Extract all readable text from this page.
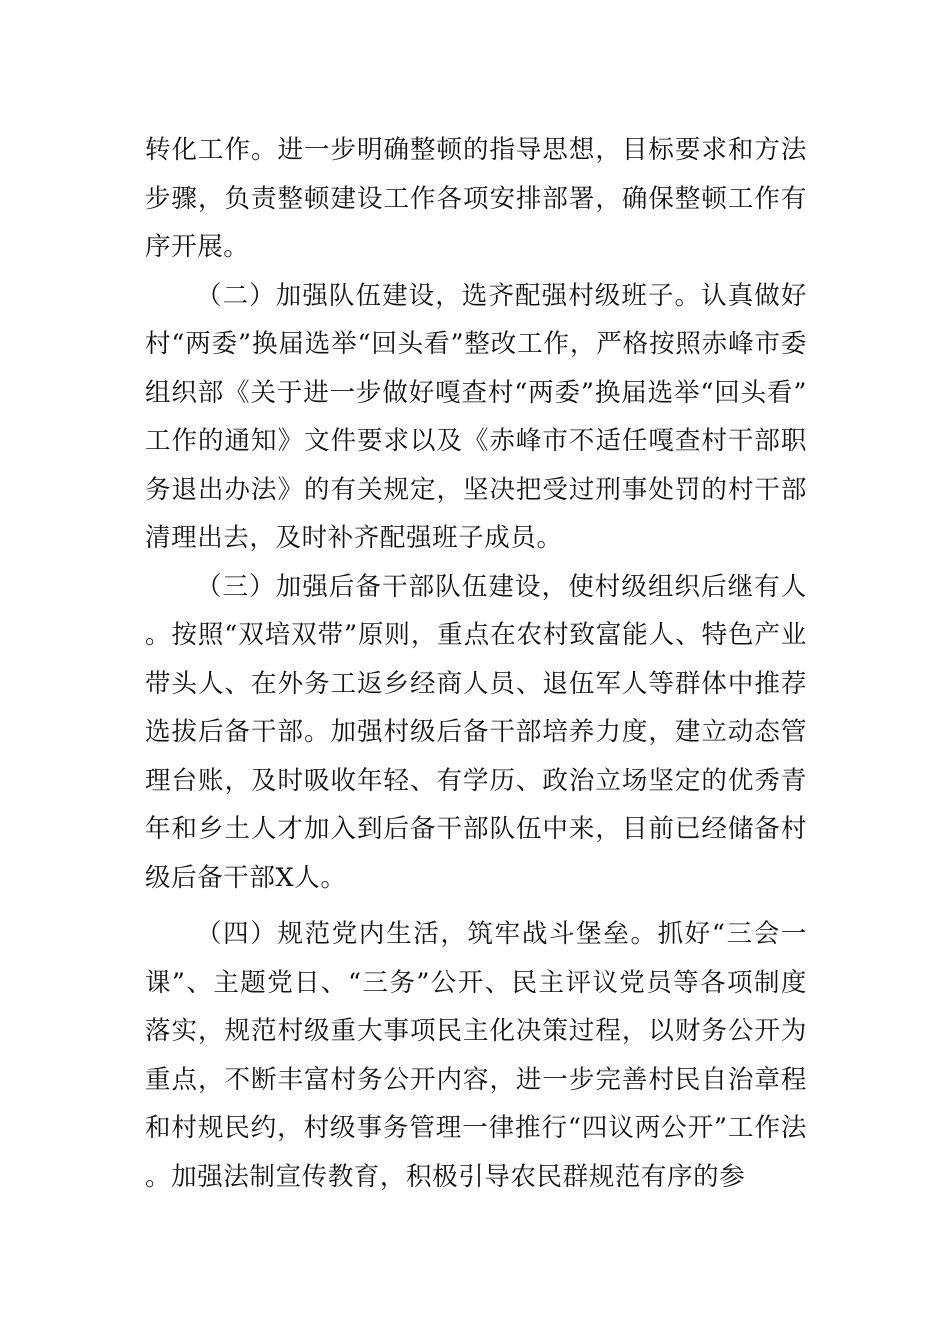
转化工作。进一步明确整顿的指导思想，目标要求和方法步骤，负责整顿建设工作各项安排部署，确保整顿工作有序开展。

（二）加强队伍建设，选齐配强村级班子。认真做好村“两委”换届选举“回头看”整改工作，严格按照赤峰市委组织部《关于进一步做好嘎查村“两委”换届选举“回头看”工作的通知》文件要求以及《赤峰市不适任嘎查村干部职务退出办法》的有关规定，坚决把受过刑事处罚的村干部清理出去，及时补齐配强班子成员。

（三）加强后备干部队伍建设，使村级组织后继有人。按照“双培双带”原则，重点在农村致富能人、特色产业带头人、在外务工返乡经商人员、退伍军人等群体中推荐选拔后备干部。加强村级后备干部培养力度，建立动态管理台账，及时吸收年轻、有学历、政治立场坚定的优秀青年和乡土人才加入到后备干部队伍中来，目前已经储备村级后备干部X人。

（四）规范党内生活，筑牢战斗堡垒。抓好“三会一课”、主题党日、“三务”公开、民主评议党员等各项制度落实，规范村级重大事项民主化决策过程，以财务公开为重点，不断丰富村务公开内容，进一步完善村民自治章程和村规民约，村级事务管理一律推行“四议两公开”工作法。加强法制宣传教育，积极引导农民群规范有序的参
